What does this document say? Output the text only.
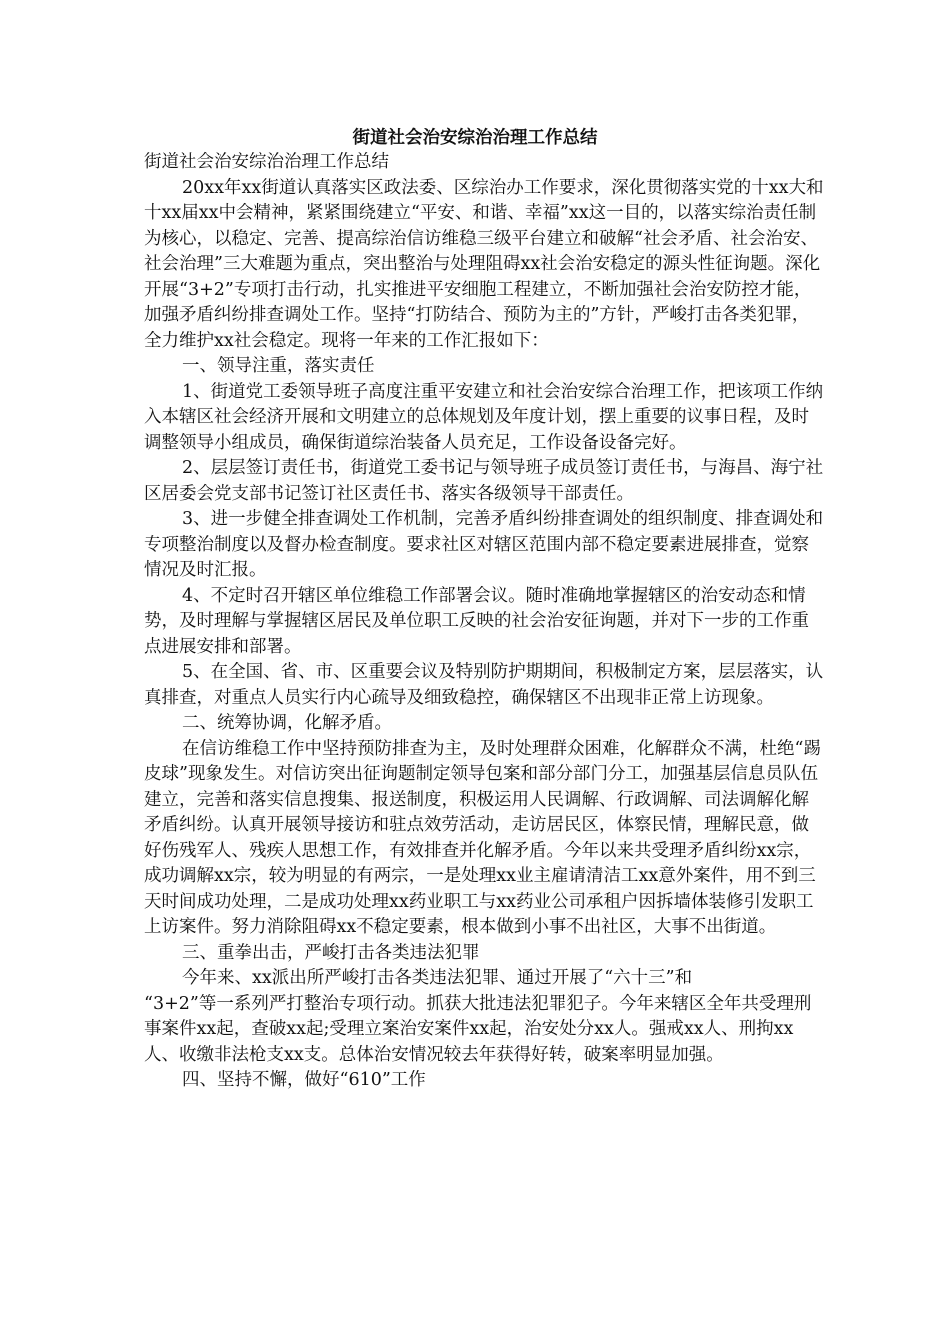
街道社会治安综治治理工作总结

街道社会治安综治治理工作总结

20xx年xx街道认真落实区政法委、区综治办工作要求，深化贯彻落实党的十xx大和十xx届xx中会精神，紧紧围绕建立“平安、和谐、幸福”xx这一目的，以落实综治责任制为核心，以稳定、完善、提高综治信访维稳三级平台建立和破解“社会矛盾、社会治安、社会治理”三大难题为重点，突出整治与处理阻碍xx社会治安稳定的源头性征询题。深化开展“3+2”专项打击行动，扎实推进平安细胞工程建立，不断加强社会治安防控才能，加强矛盾纠纷排查调处工作。坚持“打防结合、预防为主的”方针，严峻打击各类犯罪，全力维护xx社会稳定。现将一年来的工作汇报如下：

一、领导注重，落实责任

1、街道党工委领导班子高度注重平安建立和社会治安综合治理工作，把该项工作纳入本辖区社会经济开展和文明建立的总体规划及年度计划，摆上重要的议事日程，及时调整领导小组成员，确保街道综治装备人员充足，工作设备设备完好。

2、层层签订责任书，街道党工委书记与领导班子成员签订责任书，与海昌、海宁社区居委会党支部书记签订社区责任书、落实各级领导干部责任。

3、进一步健全排查调处工作机制，完善矛盾纠纷排查调处的组织制度、排查调处和专项整治制度以及督办检查制度。要求社区对辖区范围内部不稳定要素进展排查，觉察情况及时汇报。

4、不定时召开辖区单位维稳工作部署会议。随时准确地掌握辖区的治安动态和情势，及时理解与掌握辖区居民及单位职工反映的社会治安征询题，并对下一步的工作重点进展安排和部署。

5、在全国、省、市、区重要会议及特别防护期期间，积极制定方案，层层落实，认真排查，对重点人员实行内心疏导及细致稳控，确保辖区不出现非正常上访现象。

二、统筹协调，化解矛盾。

在信访维稳工作中坚持预防排查为主，及时处理群众困难，化解群众不满，杜绝“踢皮球”现象发生。对信访突出征询题制定领导包案和部分部门分工，加强基层信息员队伍建立，完善和落实信息搜集、报送制度，积极运用人民调解、行政调解、司法调解化解矛盾纠纷。认真开展领导接访和驻点效劳活动，走访居民区，体察民情，理解民意，做好伤残军人、残疾人思想工作，有效排查并化解矛盾。今年以来共受理矛盾纠纷xx宗，成功调解xx宗，较为明显的有两宗，一是处理xx业主雇请清洁工xx意外案件，用不到三天时间成功处理，二是成功处理xx药业职工与xx药业公司承租户因拆墙体装修引发职工上访案件。努力消除阻碍xx不稳定要素，根本做到小事不出社区，大事不出街道。

三、重拳出击，严峻打击各类违法犯罪

今年来、xx派出所严峻打击各类违法犯罪、通过开展了“六十三”和

“3+2”等一系列严打整治专项行动。抓获大批违法犯罪犯子。今年来辖区全年共受理刑事案件xx起，查破xx起;受理立案治安案件xx起，治安处分xx人。强戒xx人、刑拘xx人、收缴非法枪支xx支。总体治安情况较去年获得好转，破案率明显加强。

四、坚持不懈，做好“610”工作
